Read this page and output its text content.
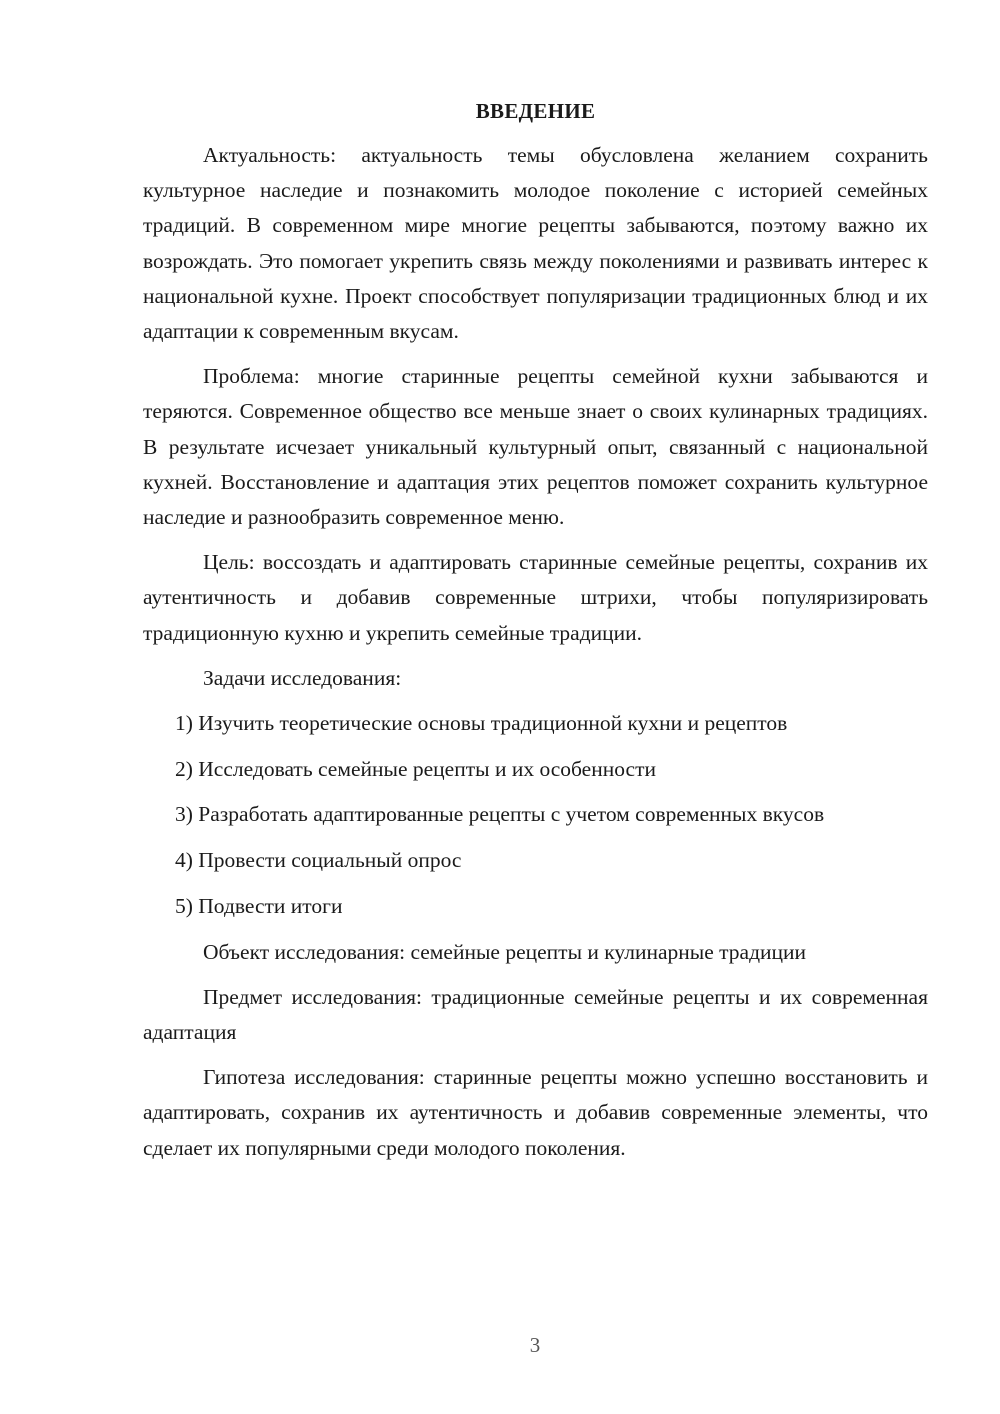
ВВЕДЕНИЕ

Актуальность: актуальность темы обусловлена желанием сохранить культурное наследие и познакомить молодое поколение с историей семейных традиций. В современном мире многие рецепты забываются, поэтому важно их возрождать. Это помогает укрепить связь между поколениями и развивать интерес к национальной кухне. Проект способствует популяризации традиционных блюд и их адаптации к современным вкусам.

Проблема: многие старинные рецепты семейной кухни забываются и теряются. Современное общество все меньше знает о своих кулинарных традициях. В результате исчезает уникальный культурный опыт, связанный с национальной кухней. Восстановление и адаптация этих рецептов поможет сохранить культурное наследие и разнообразить современное меню.

Цель: воссоздать и адаптировать старинные семейные рецепты, сохранив их аутентичность и добавив современные штрихи, чтобы популяризировать традиционную кухню и укрепить семейные традиции.

Задачи исследования:

1) Изучить теоретические основы традиционной кухни и рецептов
2) Исследовать семейные рецепты и их особенности
3) Разработать адаптированные рецепты с учетом современных вкусов
4) Провести социальный опрос
5) Подвести итоги

Объект исследования: семейные рецепты и кулинарные традиции

Предмет исследования: традиционные семейные рецепты и их современная адаптация

Гипотеза исследования: старинные рецепты можно успешно восстановить и адаптировать, сохранив их аутентичность и добавив современные элементы, что сделает их популярными среди молодого поколения.

3
